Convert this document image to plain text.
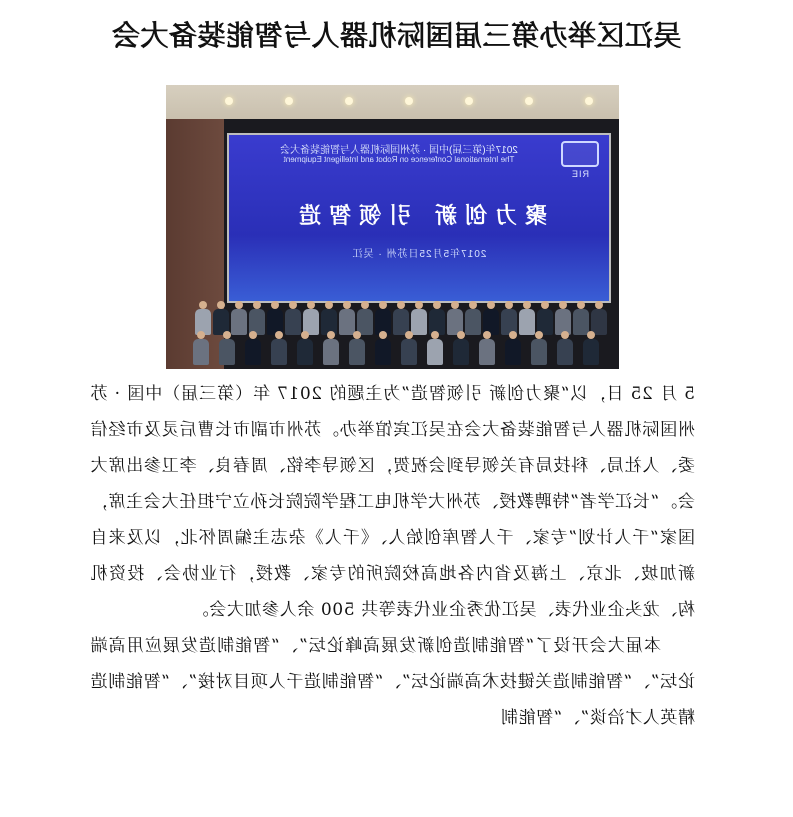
吴江区举办第三届国际机器人与智能装备大会
RIE
2017年(第三届)中国 · 苏州国际机器人与智能装备大会
The International Conference on Robot and Intelligent Equipment
聚力创新 引领智造
2017年5月25日苏州 · 吴江

5 月 25 日，以“聚力创新 引领智造”为主题的 2017 年（第三届）中国 · 苏州国际机器人与智能装备大会在吴江宾馆举办。苏州市副市长曹后灵及市经信委、人社局、科技局有关领导到会祝贺，区领导李铭、周春良、李卫参出席大会。“长江学者”特聘教授、苏州大学机电工程学院院长孙立宁担任大会主席，国家“千人计划”专家、千人智库创始人、《千人》杂志主编周怀北，以及来自新加坡、北京、上海及省内各地高校院所的专家、教授，行业协会、投资机构、龙头企业代表、吴江优秀企业代表等共 500 余人参加大会。

本届大会开设了“智能制造创新发展高峰论坛”、“智能制造发展应用高端论坛”、“智能制造关键技术高端论坛”、“智能制造千人项目对接”、“智能制造精英人才洽谈”、“智能制
